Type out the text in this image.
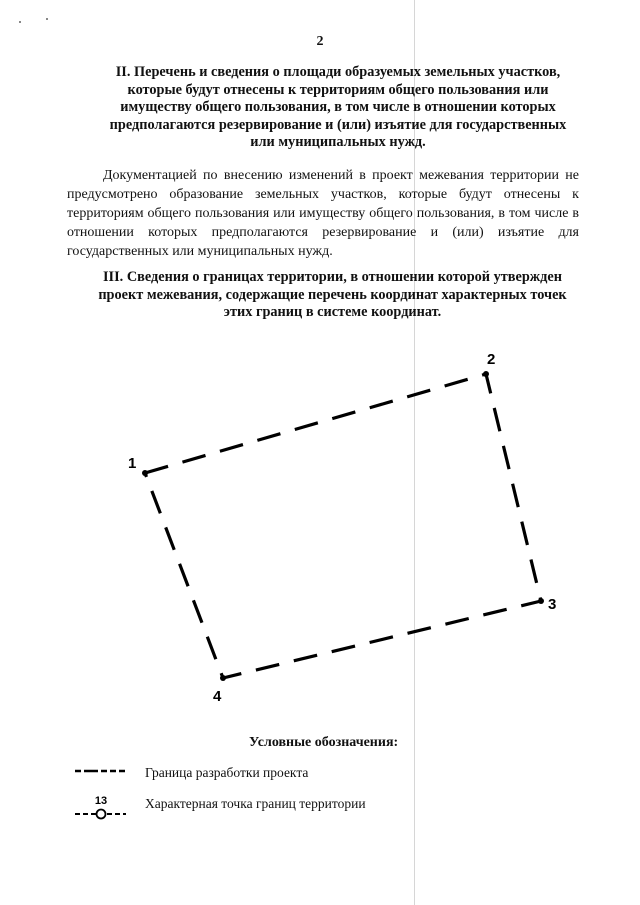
2
II. Перечень и сведения о площади образуемых земельных участков,
которые будут отнесены к территориям общего пользования или
имуществу общего пользования, в том числе в отношении которых
предполагаются резервирование и (или) изъятие для государственных
или муниципальных нужд.

Документацией по внесению изменений в проект межевания территории не предусмотрено образование земельных участков, которые будут отнесены к территориям общего пользования или имуществу общего пользования, в том числе в отношении которых предполагаются резервирование и (или) изъятие для государственных или муниципальных нужд.

III. Сведения о границах территории, в отношении которой утвержден
проект межевания, содержащие перечень координат характерных точек
этих границ в системе координат.
1
2
3
4
Условные обозначения:
Граница разработки проекта
13	Характерная точка границ территории
